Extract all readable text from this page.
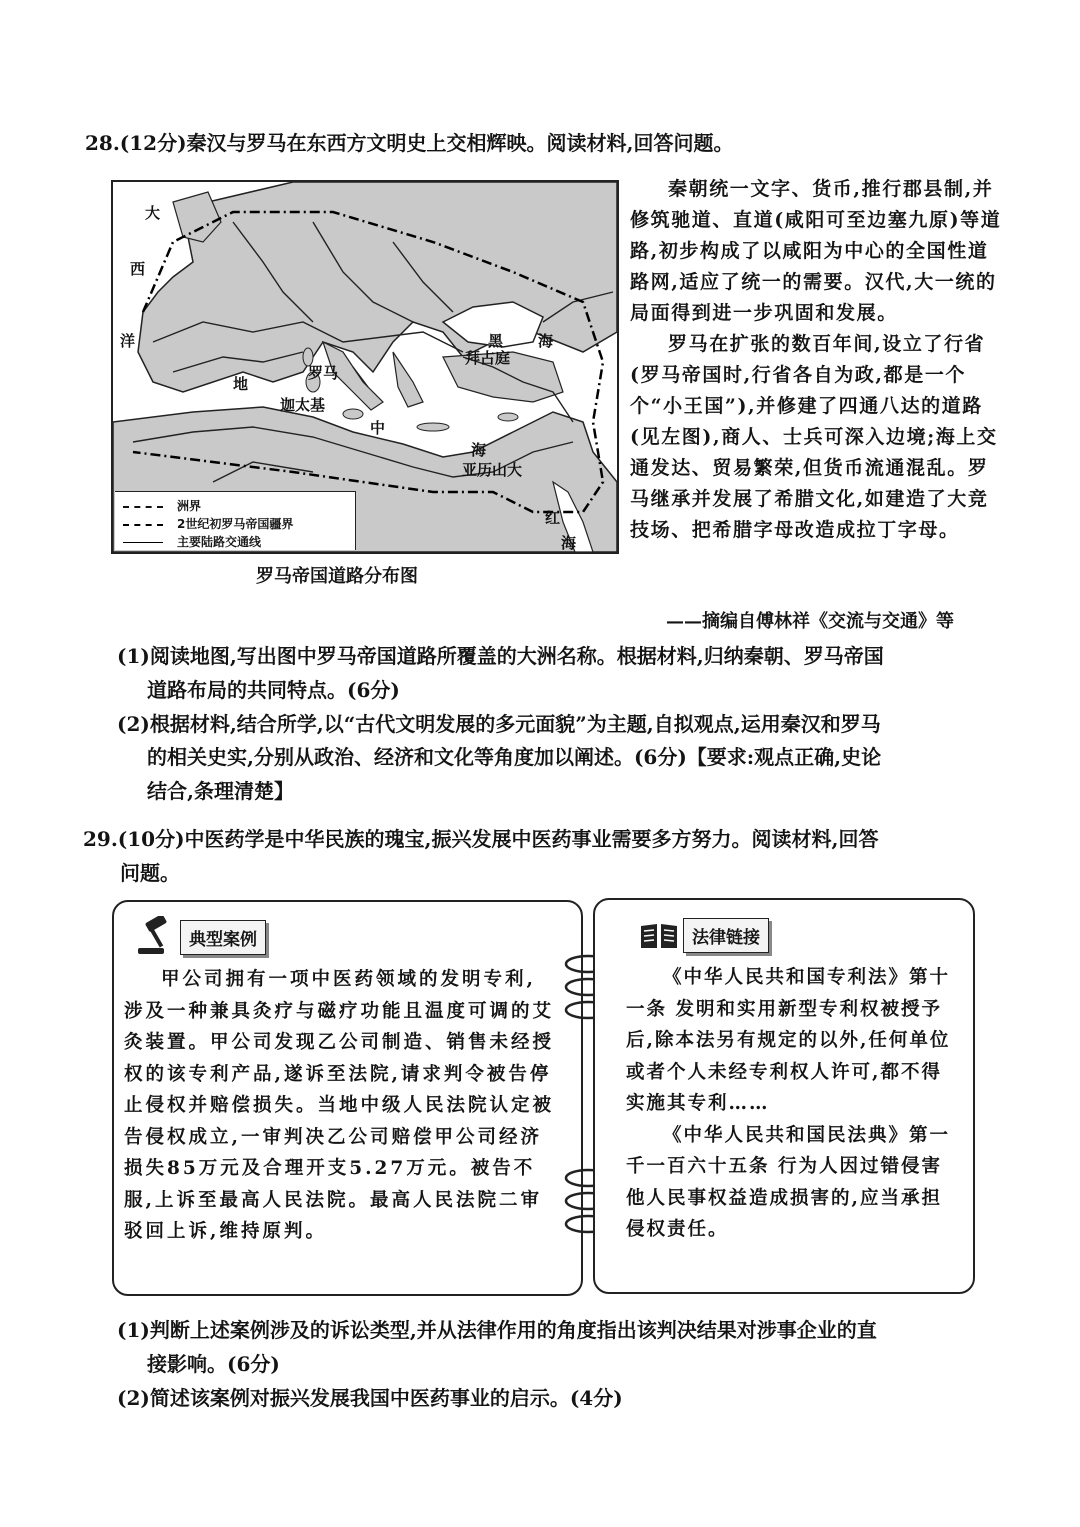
28.(12分)秦汉与罗马在东西方文明史上交相辉映。阅读材料,回答问题。
大
西
洋
地
中
海
黑 海
红
海
罗马
迦太基
拜占庭
亚历山大
洲界
2世纪初罗马帝国疆界
主要陆路交通线
罗马帝国道路分布图
秦朝统一文字、货币,推行郡县制,并修筑驰道、直道(咸阳可至边塞九原)等道路,初步构成了以咸阳为中心的全国性道路网,适应了统一的需要。汉代,大一统的局面得到进一步巩固和发展。
罗马在扩张的数百年间,设立了行省(罗马帝国时,行省各自为政,都是一个个“小王国”),并修建了四通八达的道路(见左图),商人、士兵可深入边境;海上交通发达、贸易繁荣,但货币流通混乱。罗马继承并发展了希腊文化,如建造了大竞技场、把希腊字母改造成拉丁字母。
——摘编自傅林祥《交流与交通》等
(1)阅读地图,写出图中罗马帝国道路所覆盖的大洲名称。根据材料,归纳秦朝、罗马帝国
道路布局的共同特点。(6分)
(2)根据材料,结合所学,以“古代文明发展的多元面貌”为主题,自拟观点,运用秦汉和罗马
的相关史实,分别从政治、经济和文化等角度加以阐述。(6分)【要求:观点正确,史论
结合,条理清楚】
29.(10分)中医药学是中华民族的瑰宝,振兴发展中医药事业需要多方努力。阅读材料,回答
问题。
典型案例
甲公司拥有一项中医药领域的发明专利,涉及一种兼具灸疗与磁疗功能且温度可调的艾灸装置。甲公司发现乙公司制造、销售未经授权的该专利产品,遂诉至法院,请求判令被告停止侵权并赔偿损失。当地中级人民法院认定被告侵权成立,一审判决乙公司赔偿甲公司经济损失85万元及合理开支5.27万元。被告不服,上诉至最高人民法院。最高人民法院二审驳回上诉,维持原判。
法律链接
《中华人民共和国专利法》第十一条 发明和实用新型专利权被授予后,除本法另有规定的以外,任何单位或者个人未经专利权人许可,都不得实施其专利……
《中华人民共和国民法典》第一千一百六十五条 行为人因过错侵害他人民事权益造成损害的,应当承担侵权责任。
(1)判断上述案例涉及的诉讼类型,并从法律作用的角度指出该判决结果对涉事企业的直
接影响。(6分)
(2)简述该案例对振兴发展我国中医药事业的启示。(4分)
